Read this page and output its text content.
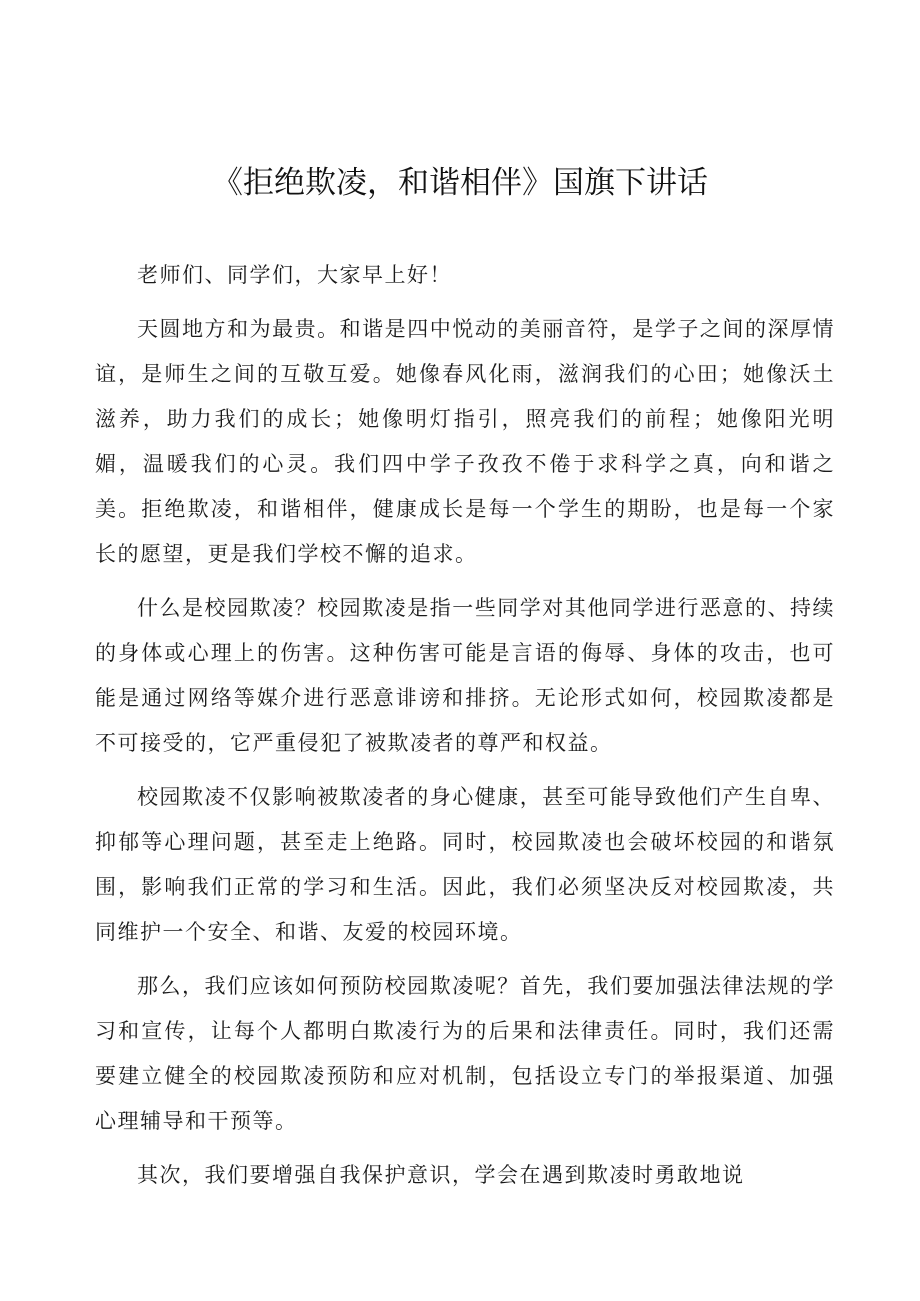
《拒绝欺凌，和谐相伴》国旗下讲话

老师们、同学们，大家早上好！

天圆地方和为最贵。和谐是四中悦动的美丽音符，是学子之间的深厚情谊，是师生之间的互敬互爱。她像春风化雨，滋润我们的心田；她像沃土滋养，助力我们的成长；她像明灯指引，照亮我们的前程；她像阳光明媚，温暖我们的心灵。我们四中学子孜孜不倦于求科学之真，向和谐之美。拒绝欺凌，和谐相伴，健康成长是每一个学生的期盼，也是每一个家长的愿望，更是我们学校不懈的追求。

什么是校园欺凌？校园欺凌是指一些同学对其他同学进行恶意的、持续的身体或心理上的伤害。这种伤害可能是言语的侮辱、身体的攻击，也可能是通过网络等媒介进行恶意诽谤和排挤。无论形式如何，校园欺凌都是不可接受的，它严重侵犯了被欺凌者的尊严和权益。

校园欺凌不仅影响被欺凌者的身心健康，甚至可能导致他们产生自卑、抑郁等心理问题，甚至走上绝路。同时，校园欺凌也会破坏校园的和谐氛围，影响我们正常的学习和生活。因此，我们必须坚决反对校园欺凌，共同维护一个安全、和谐、友爱的校园环境。

那么，我们应该如何预防校园欺凌呢？首先，我们要加强法律法规的学习和宣传，让每个人都明白欺凌行为的后果和法律责任。同时，我们还需要建立健全的校园欺凌预防和应对机制，包括设立专门的举报渠道、加强心理辅导和干预等。

其次，我们要增强自我保护意识，学会在遇到欺凌时勇敢地说
